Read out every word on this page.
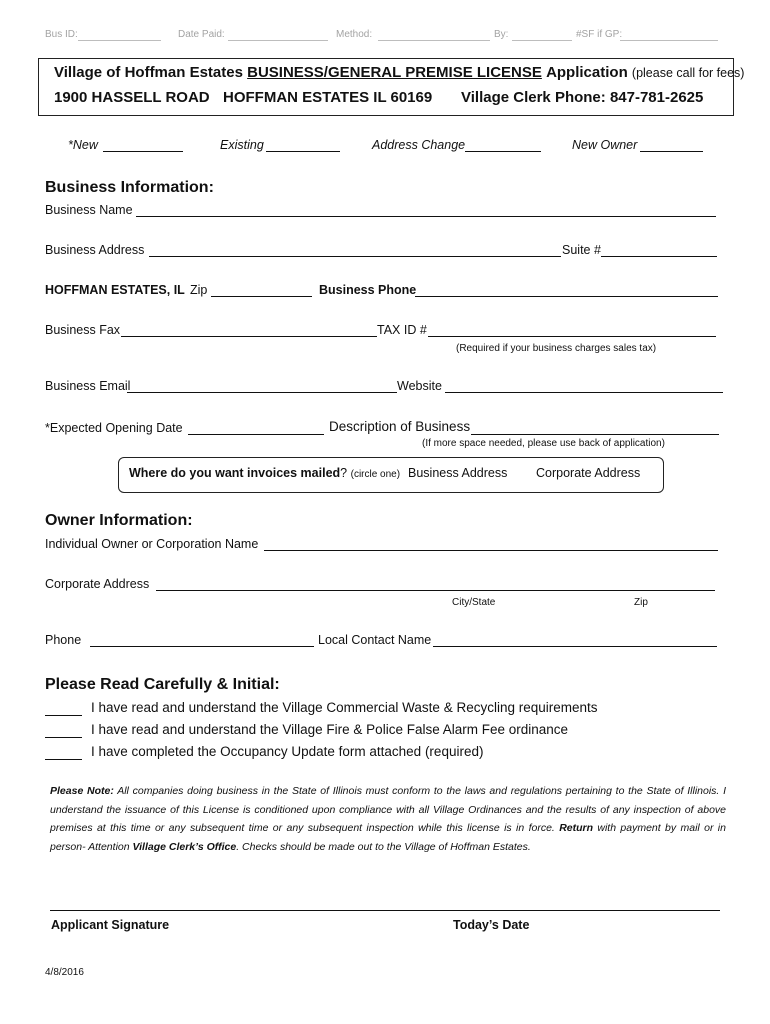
Bus ID:	Date Paid:	Method:	By:	#SF if GP:
Village of Hoffman Estates BUSINESS/GENERAL PREMISE LICENSE Application (please call for fees)
1900 HASSELL ROAD HOFFMAN ESTATES IL 60169 Village Clerk Phone: 847-781-2625
*New	Existing	Address Change	New Owner
Business Information:
Business Name
Business Address	Suite #
HOFFMAN ESTATES, IL Zip	Business Phone
Business Fax	TAX ID #
(Required if your business charges sales tax)
Business Email	Website
*Expected Opening Date	Description of Business
(If more space needed, please use back of application)
Where do you want invoices mailed? (circle one) Business Address Corporate Address
Owner Information:
Individual Owner or Corporation Name
Corporate Address
City/State	Zip
Phone	Local Contact Name
Please Read Carefully & Initial:
I have read and understand the Village Commercial Waste & Recycling requirements
I have read and understand the Village Fire & Police False Alarm Fee ordinance
I have completed the Occupancy Update form attached (required)
Please Note: All companies doing business in the State of Illinois must conform to the laws and regulations pertaining to the State of Illinois. I understand the issuance of this License is conditioned upon compliance with all Village Ordinances and the results of any inspection of above premises at this time or any subsequent time or any subsequent inspection while this license is in force. Return with payment by mail or in person- Attention Village Clerk’s Office. Checks should be made out to the Village of Hoffman Estates.
Applicant Signature	Today’s Date
4/8/2016
